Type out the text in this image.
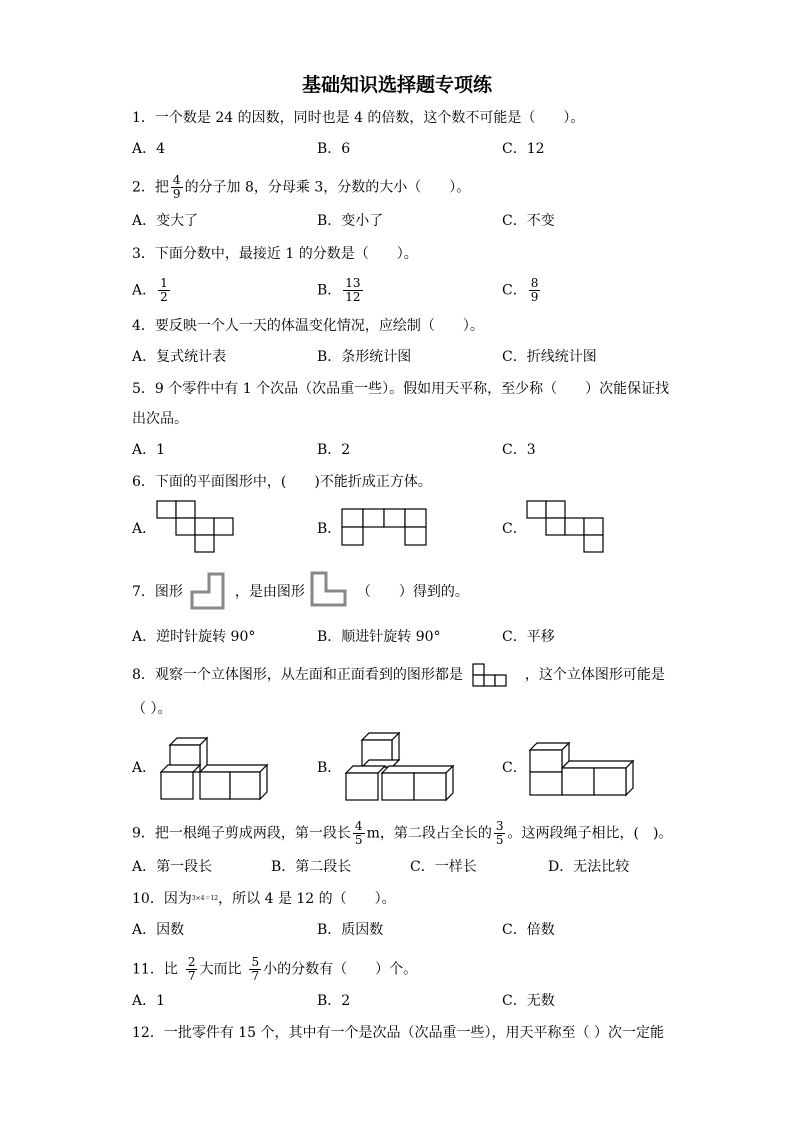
基础知识选择题专项练
1．一个数是 24 的因数，同时也是 4 的倍数，这个数不可能是（　　）。
A．4	B．6	C．12
2．把 $\frac{4}{9}$ 的分子加 8，分母乘 3，分数的大小（　　）。
A．变大了	B．变小了	C．不变
3．下面分数中，最接近 1 的分数是（　　）。
A． $\frac{1}{2}$	B． $\frac{13}{12}$	C． $\frac{8}{9}$
4．要反映一个人一天的体温变化情况，应绘制（　　）。
A．复式统计表	B．条形统计图	C．折线统计图
5．9 个零件中有 1 个次品（次品重一些）。假如用天平称，至少称（　　）次能保证找
出次品。
A．1	B．2	C．3
6．下面的平面图形中，(　　)不能折成正方体。
A．	B．	C．
7．图形	，是由图形	（　　）得到的。
A．逆时针旋转 90°	B．顺进针旋转 90°	C．平移
8．观察一个立体图形，从左面和正面看到的图形都是	，这个立体图形可能是
（ ）。
A．	B．	C．
9．把一根绳子剪成两段，第一段长 $\frac{4}{5}$ m，第二段占全长的 $\frac{3}{5}$ 。这两段绳子相比，(　)。
A．第一段长	B．第二段长	C．一样长	D．无法比较
10．因为3×4＝12，所以 4 是 12 的（　　）。
A．因数	B．质因数	C．倍数
11．比 $\frac{2}{7}$ 大而比 $\frac{5}{7}$ 小的分数有（　　）个。
A．1	B．2	C．无数
12．一批零件有 15 个，其中有一个是次品（次品重一些），用天平称至（ ）次一定能
